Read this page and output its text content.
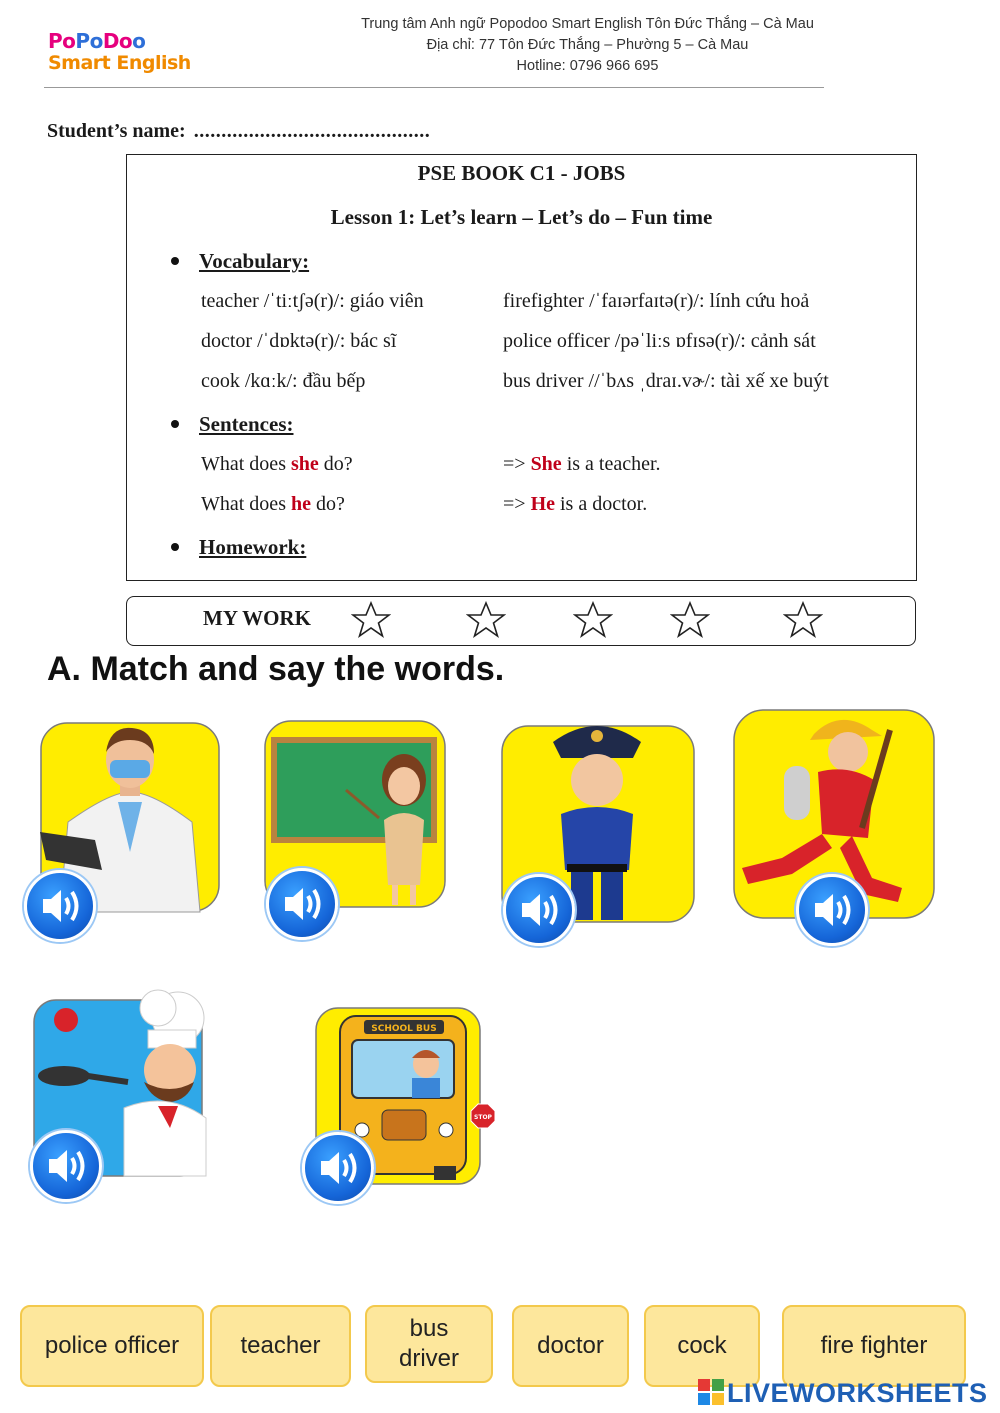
PoPoDoo
Smart English
Trung tâm Anh ngữ Popodoo Smart English Tôn Đức Thắng – Cà Mau
Địa chỉ: 77 Tôn Đức Thắng – Phường 5 – Cà Mau
Hotline: 0796 966 695
Student’s name: ...........................................
PSE BOOK C1 - JOBS
Lesson 1: Let’s learn – Let’s do – Fun time
Vocabulary:
teacher /ˈtiːtʃə(r)/: giáo viên	firefighter /ˈfaɪərfaɪtə(r)/: lính cứu hoả
doctor /ˈdɒktə(r)/: bác sĩ	police officer /pəˈliːs ɒfɪsə(r)/: cảnh sát
cook /kɑːk/: đầu bếp	bus driver //ˈbʌs ˌdraɪ.vɚ/: tài xế xe buýt
Sentences:
What does she do?	=> She is a teacher.
What does he do?	=> He is a doctor.
Homework:
MY WORK
A. Match and say the words.
SCHOOL BUS
STOP
police officer	teacher
bus driver	doctor	cock	fire fighter
LIVEWORKSHEETS
